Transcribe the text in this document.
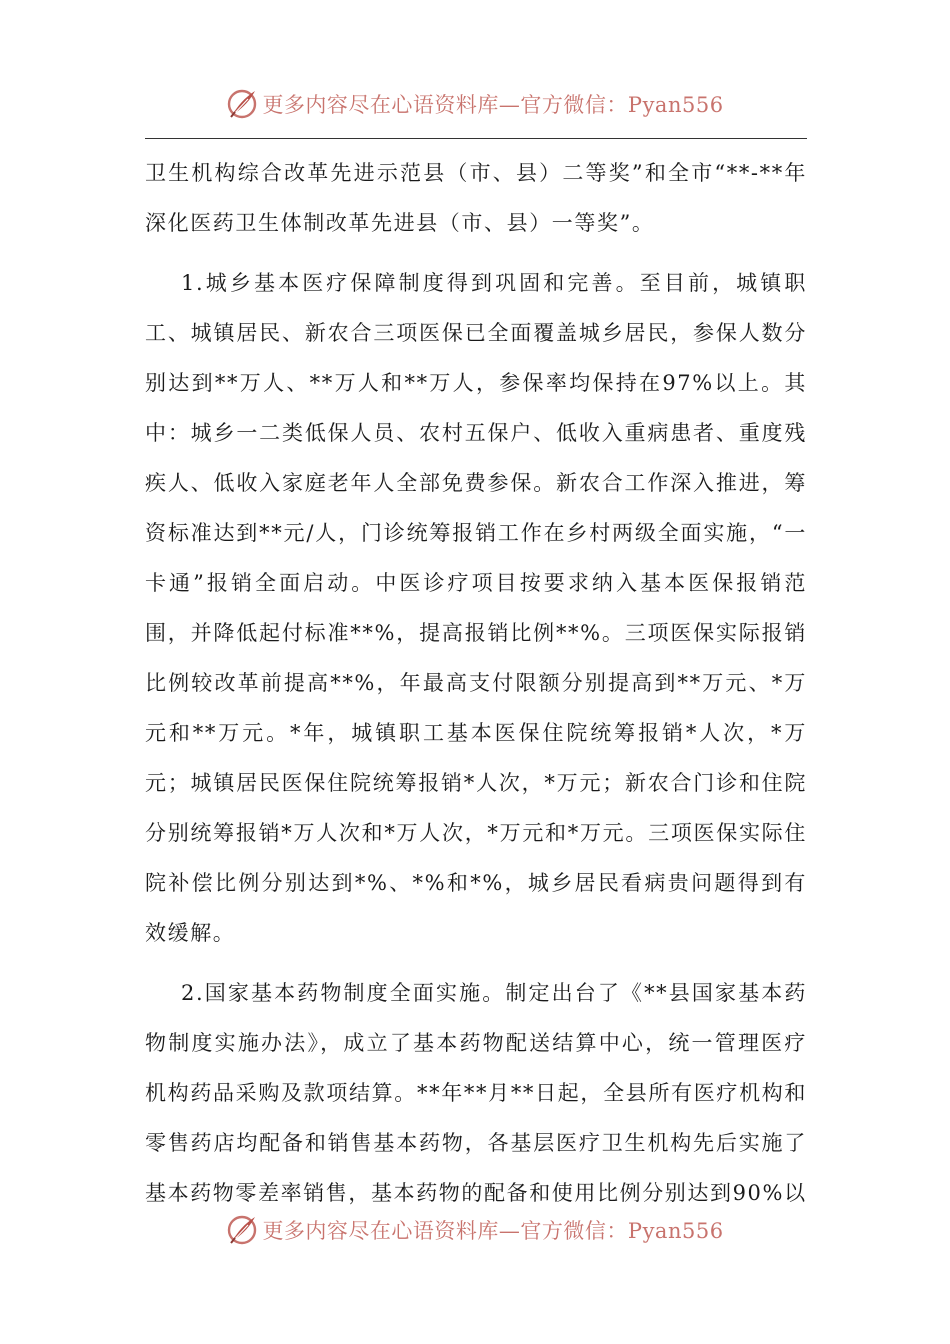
更多内容尽在心语资料库—官方微信：Pyan556

卫生机构综合改革先进示范县（市、县）二等奖”和全市“**-**年深化医药卫生体制改革先进县（市、县）一等奖”。

1.城乡基本医疗保障制度得到巩固和完善。至目前，城镇职工、城镇居民、新农合三项医保已全面覆盖城乡居民，参保人数分别达到**万人、**万人和**万人，参保率均保持在97%以上。其中：城乡一二类低保人员、农村五保户、低收入重病患者、重度残疾人、低收入家庭老年人全部免费参保。新农合工作深入推进，筹资标准达到**元/人，门诊统筹报销工作在乡村两级全面实施，“一卡通”报销全面启动。中医诊疗项目按要求纳入基本医保报销范围，并降低起付标准**%，提高报销比例**%。三项医保实际报销比例较改革前提高**%，年最高支付限额分别提高到**万元、*万元和**万元。*年，城镇职工基本医保住院统筹报销*人次，*万元；城镇居民医保住院统筹报销*人次，*万元；新农合门诊和住院分别统筹报销*万人次和*万人次，*万元和*万元。三项医保实际住院补偿比例分别达到*%、*%和*%，城乡居民看病贵问题得到有效缓解。

2.国家基本药物制度全面实施。制定出台了《**县国家基本药物制度实施办法》，成立了基本药物配送结算中心，统一管理医疗机构药品采购及款项结算。**年**月**日起，全县所有医疗机构和零售药店均配备和销售基本药物，各基层医疗卫生机构先后实施了基本药物零差率销售，基本药物的配备和使用比例分别达到90%以

更多内容尽在心语资料库—官方微信：Pyan556
